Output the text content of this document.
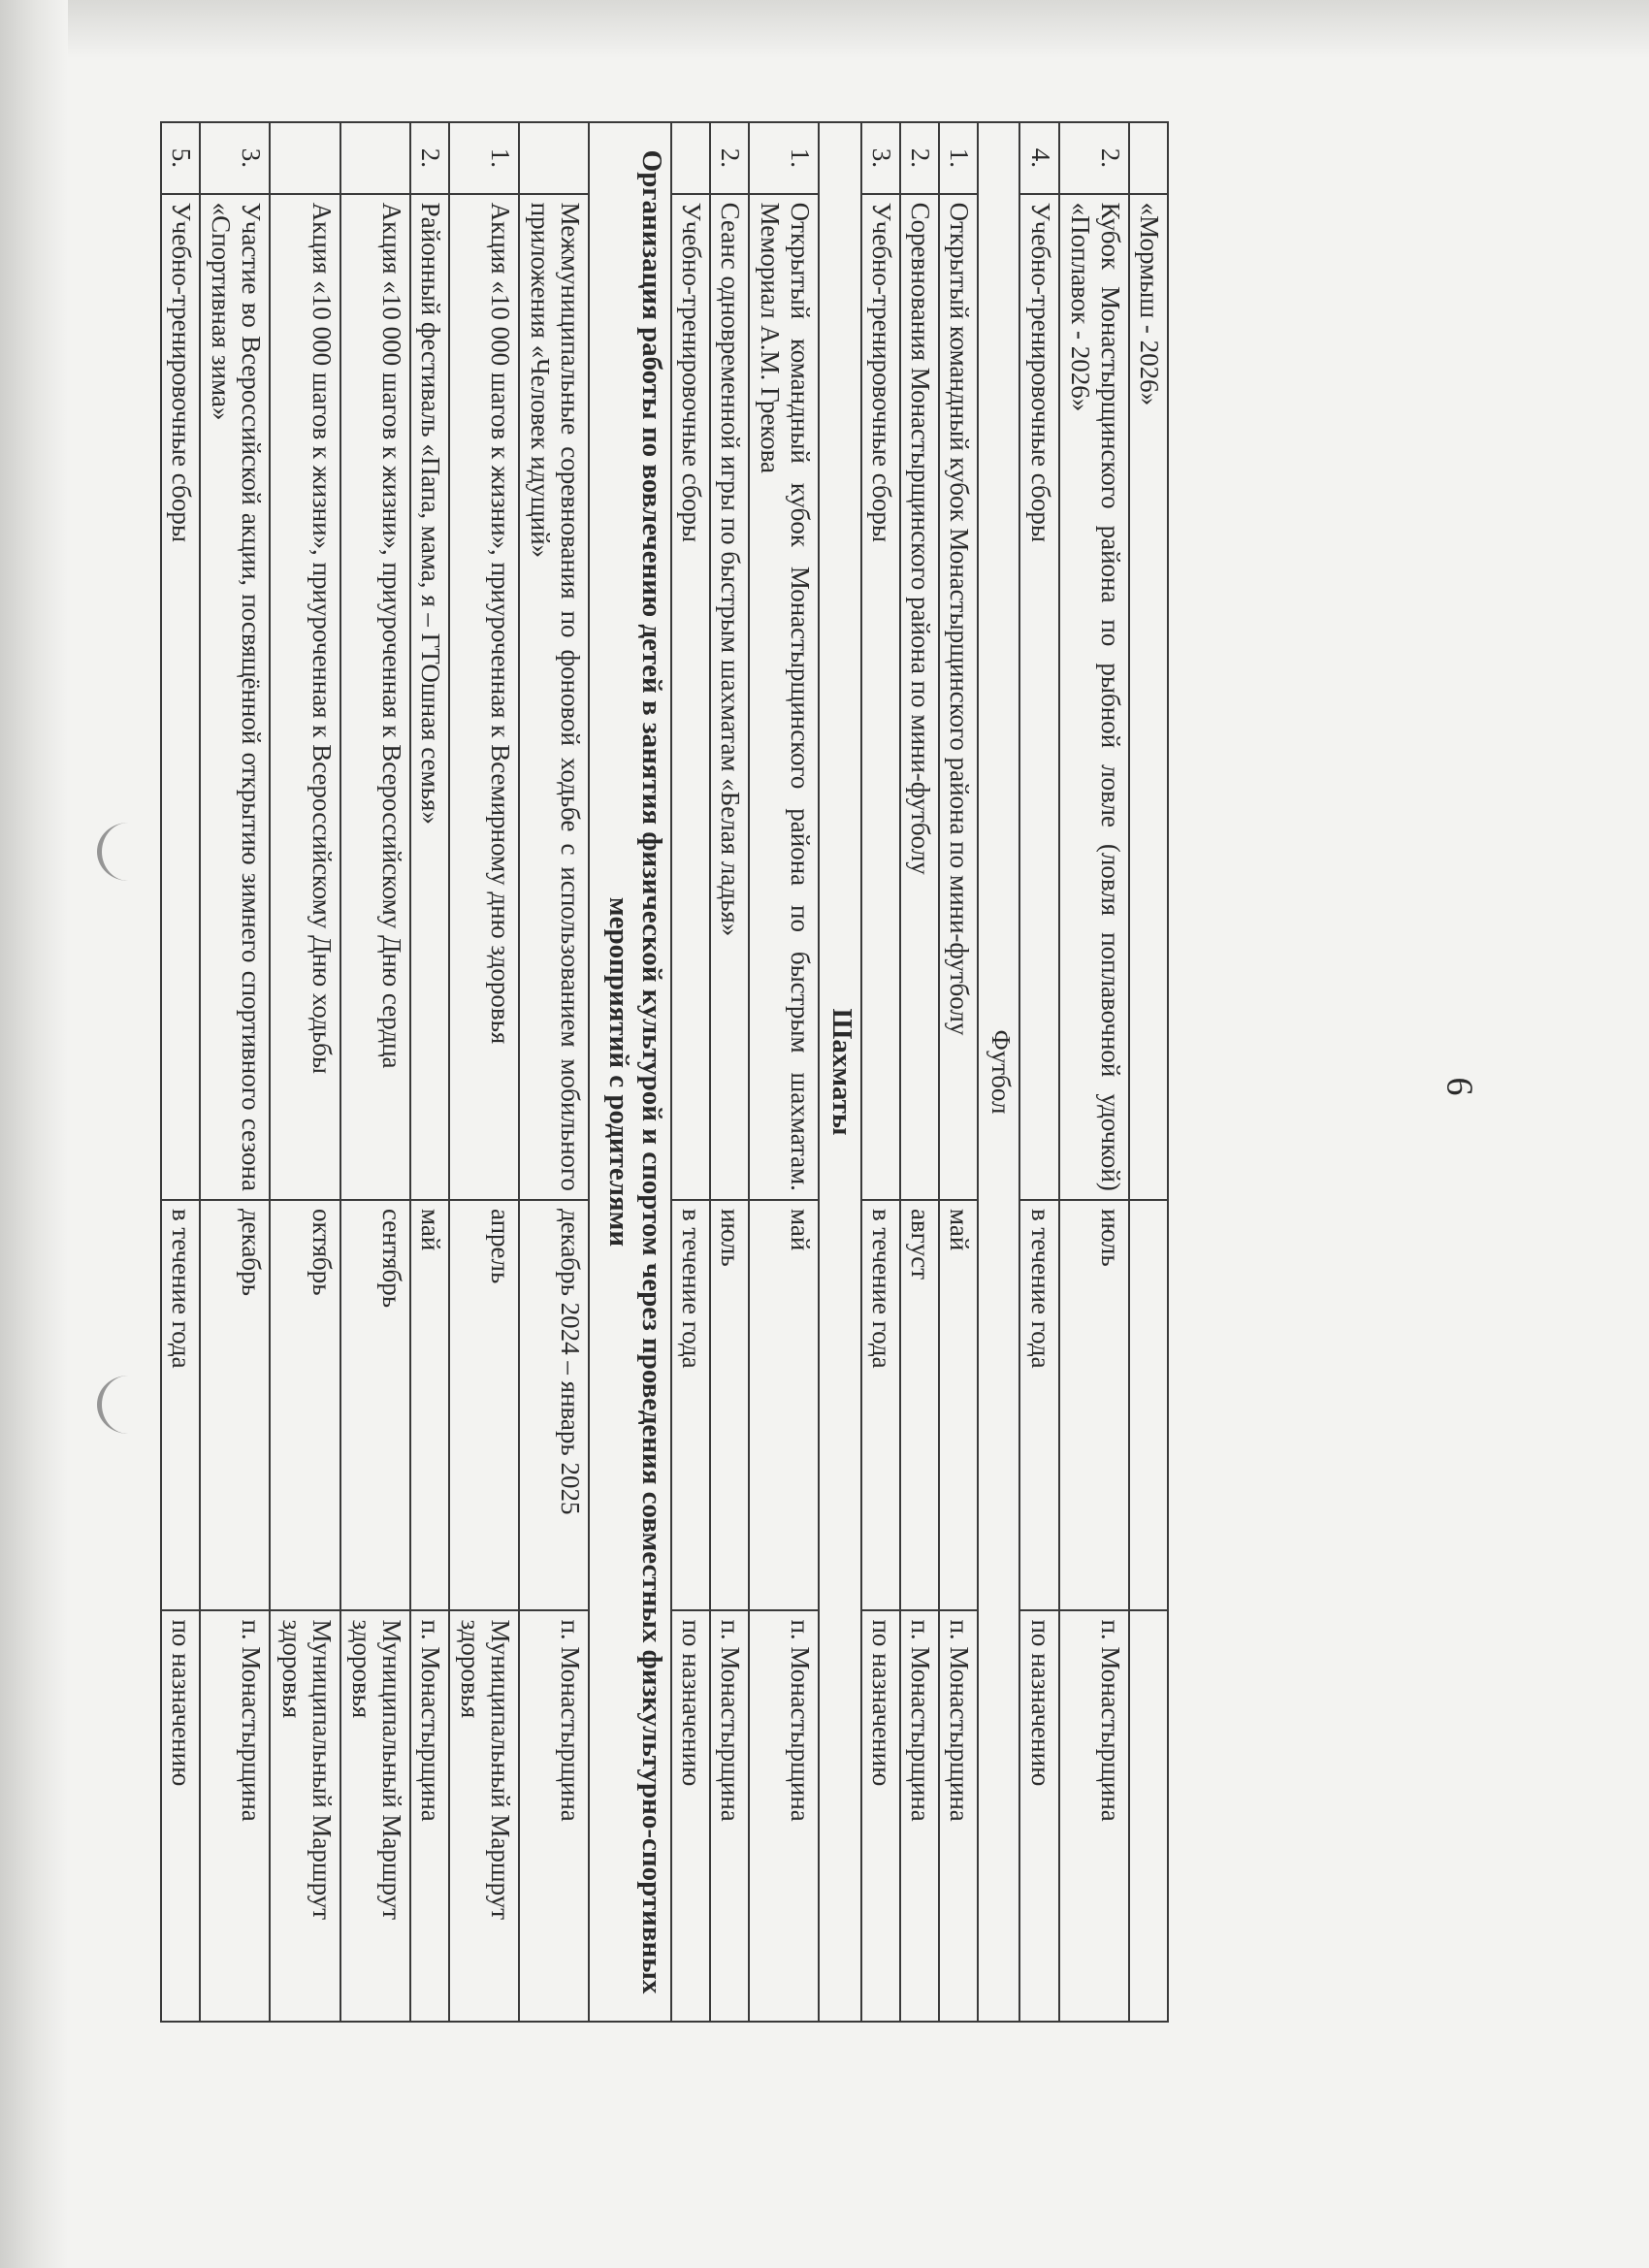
	«Мормыш - 2026»		
2.	Кубок Монастырщинского района по рыбной ловле (ловля поплавочной удочкой) «Поплавок - 2026»	июль	п. Монастырщина
4.	Учебно-тренировочные сборы	в течение года	по назначению
Футбол			
1.	Открытый командный кубок Монастырщинского района по мини-футболу	май	п. Монастырщина
2.	Соревнования Монастырщинского района по мини-футболу	август	п. Монастырщина
3.	Учебно-тренировочные сборы	в течение года	по назначению
Шахматы			
1.	Открытый командный кубок Монастырщинского района по быстрым шахматам. Мемориал А.М. Грекова	май	п. Монастырщина
2.	Сеанс одновременной игры по быстрым шахматам «Белая ладья»	июль	п. Монастырщина
	Учебно-тренировочные сборы	в течение года	по назначению
Организация работы по вовлечению детей в занятия физической культурой и спортом через проведения совместных физкультурно-спортивных мероприятий с родителями			
	Межмуниципальные соревнования по фоновой ходьбе с использованием мобильного приложения «Человек идущий»	декабрь 2024 – январь 2025	п. Монастырщина
1.	Акция «10 000 шагов к жизни», приуроченная к Всемирному дню здоровья	апрель	Муниципальный Маршрут здоровья
2.	Районный фестиваль «Папа, мама, я – ГТОшная семья»	май	п. Монастырщина
	Акция «10 000 шагов к жизни», приуроченная к Всероссийскому Дню сердца	сентябрь	Муниципальный Маршрут здоровья
	Акция «10 000 шагов к жизни», приуроченная к Всероссийскому Дню ходьбы	октябрь	Муниципальный Маршрут здоровья
3.	Участие во Всероссийской акции, посвящённой открытию зимнего спортивного сезона «Спортивная зима»	декабрь	п. Монастырщина
5.	Учебно-тренировочные сборы	в течение года	по назначению
6
